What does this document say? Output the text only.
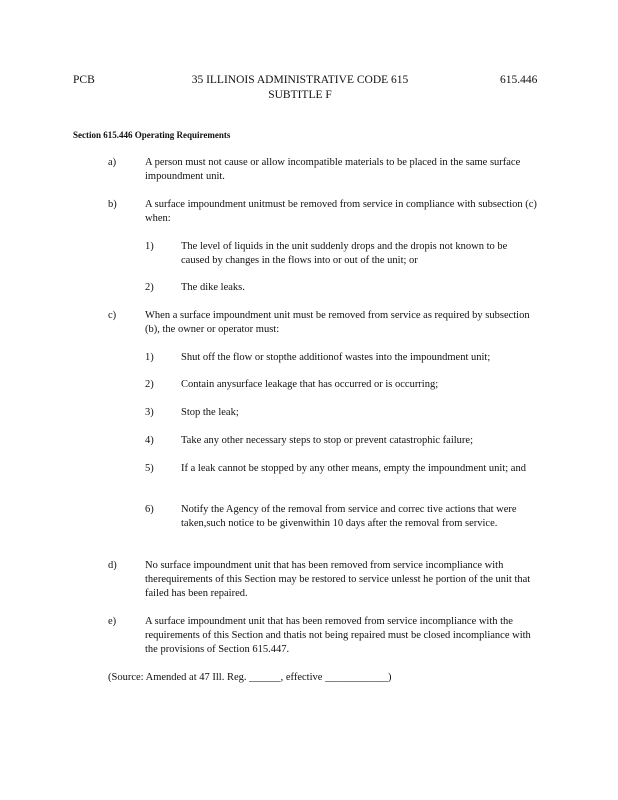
PCB	35 ILLINOIS ADMINISTRATIVE CODE 615
SUBTITLE F
615.446
Section 615.446 Operating Requirements
a)	A person must not cause or allow incompatible materials to be placed in the same surface impoundment unit.
b)	A surface impoundment unitmust be removed from service in compliance with subsection (c) when:
1)	The level of liquids in the unit suddenly drops and the dropis not known to be caused by changes in the flows into or out of the unit; or
2)	The dike leaks.
c)	When a surface impoundment unit must be removed from service as required by subsection (b), the owner or operator must:
1)	Shut off the flow or stopthe additionof wastes into the impoundment unit;
2)	Contain anysurface leakage that has occurred or is occurring;
3)	Stop the leak;
4)	Take any other necessary steps to stop or prevent catastrophic failure;
5)	If a leak cannot be stopped by any other means, empty the impoundment unit; and
6)	Notify the Agency of the removal from service and correc tive actions that were taken,such notice to be givenwithin 10 days after the removal from service.
d)	No surface impoundment unit that has been removed from service incompliance with therequirements of this Section may be restored to service unlesst he portion of the unit that failed has been repaired.
e)	A surface impoundment unit that has been removed from service incompliance with the requirements of this Section and thatis not being repaired must be closed incompliance with the provisions of Section 615.447.
(Source: Amended at 47 Ill. Reg. ______, effective ____________)
